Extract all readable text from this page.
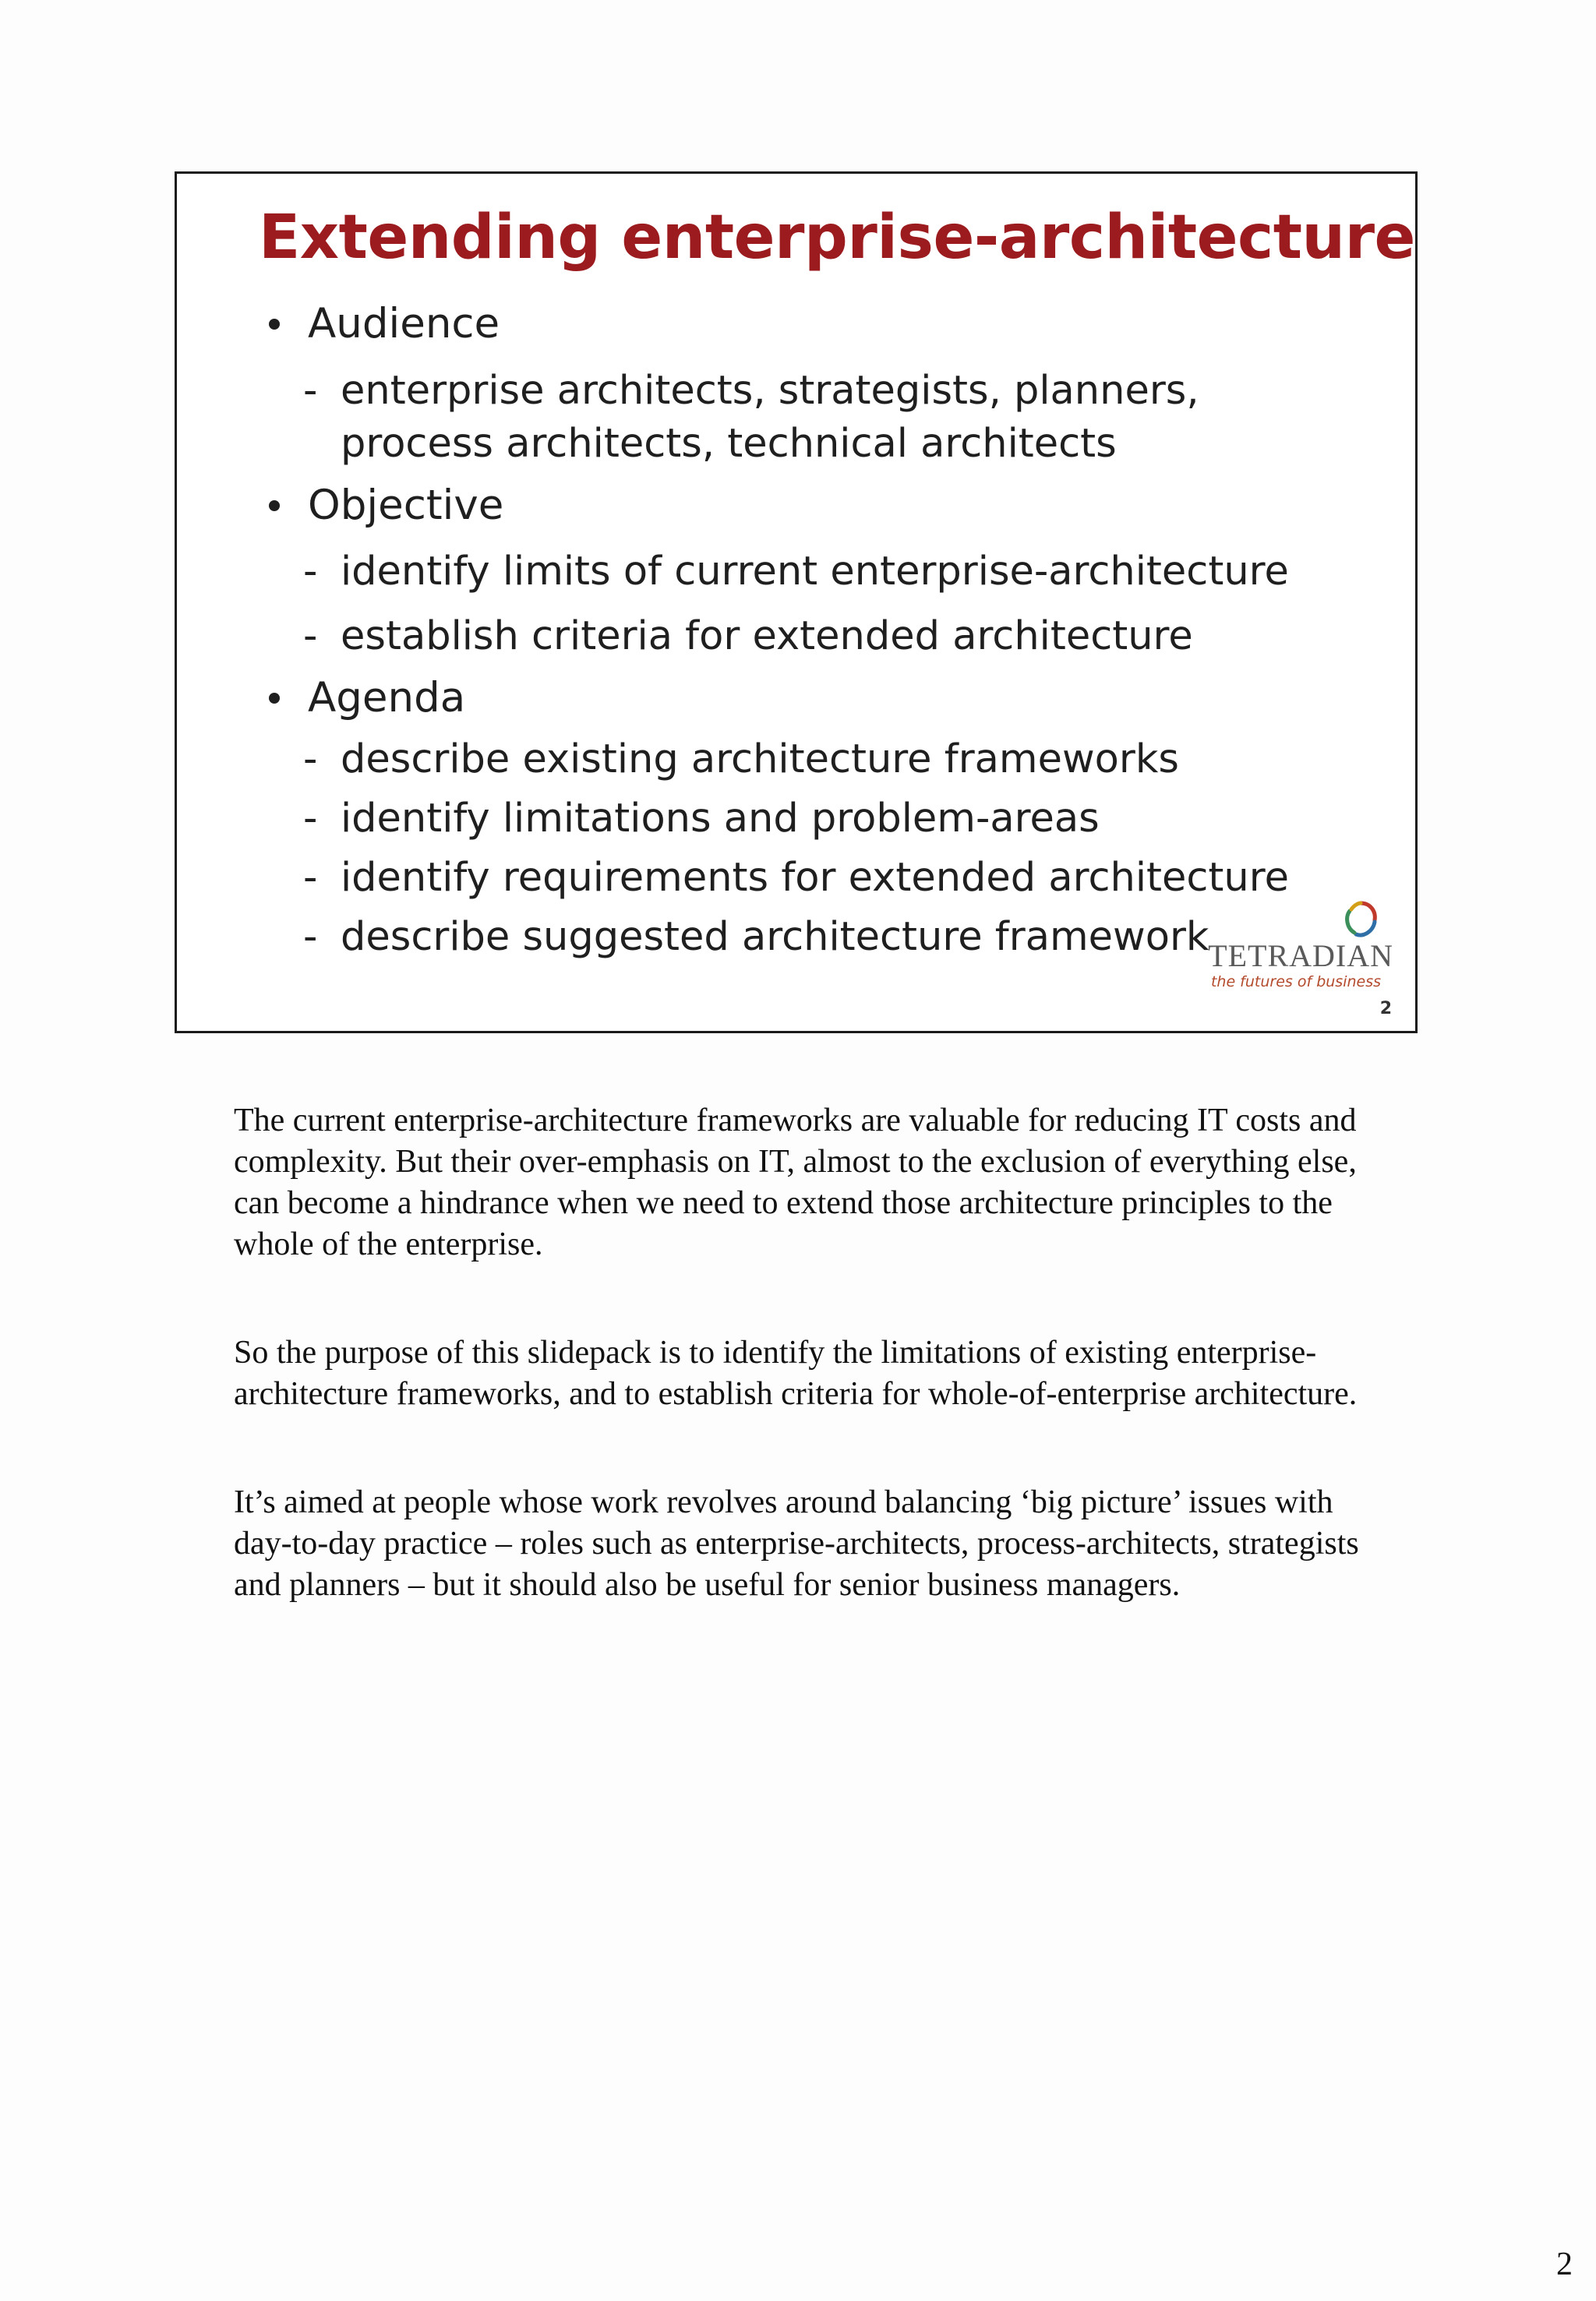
Extending enterprise-architecture
Audience
- enterprise architects, strategists, planners,
process architects, technical architects
Objective
- identify limits of current enterprise-architecture
- establish criteria for extended architecture
Agenda
- describe existing architecture frameworks
- identify limitations and problem-areas
- identify requirements for extended architecture
- describe suggested architecture framework
TETRADIAN
the futures of business
2

The current enterprise-architecture frameworks are valuable for reducing IT costs and complexity. But their over-emphasis on IT, almost to the exclusion of everything else, can become a hindrance when we need to extend those architecture principles to the whole of the enterprise.

So the purpose of this slidepack is to identify the limitations of existing enterprise-architecture frameworks, and to establish criteria for whole-of-enterprise architecture.

It’s aimed at people whose work revolves around balancing ‘big picture’ issues with day-to-day practice – roles such as enterprise-architects, process-architects, strategists and planners – but it should also be useful for senior business managers.

2
